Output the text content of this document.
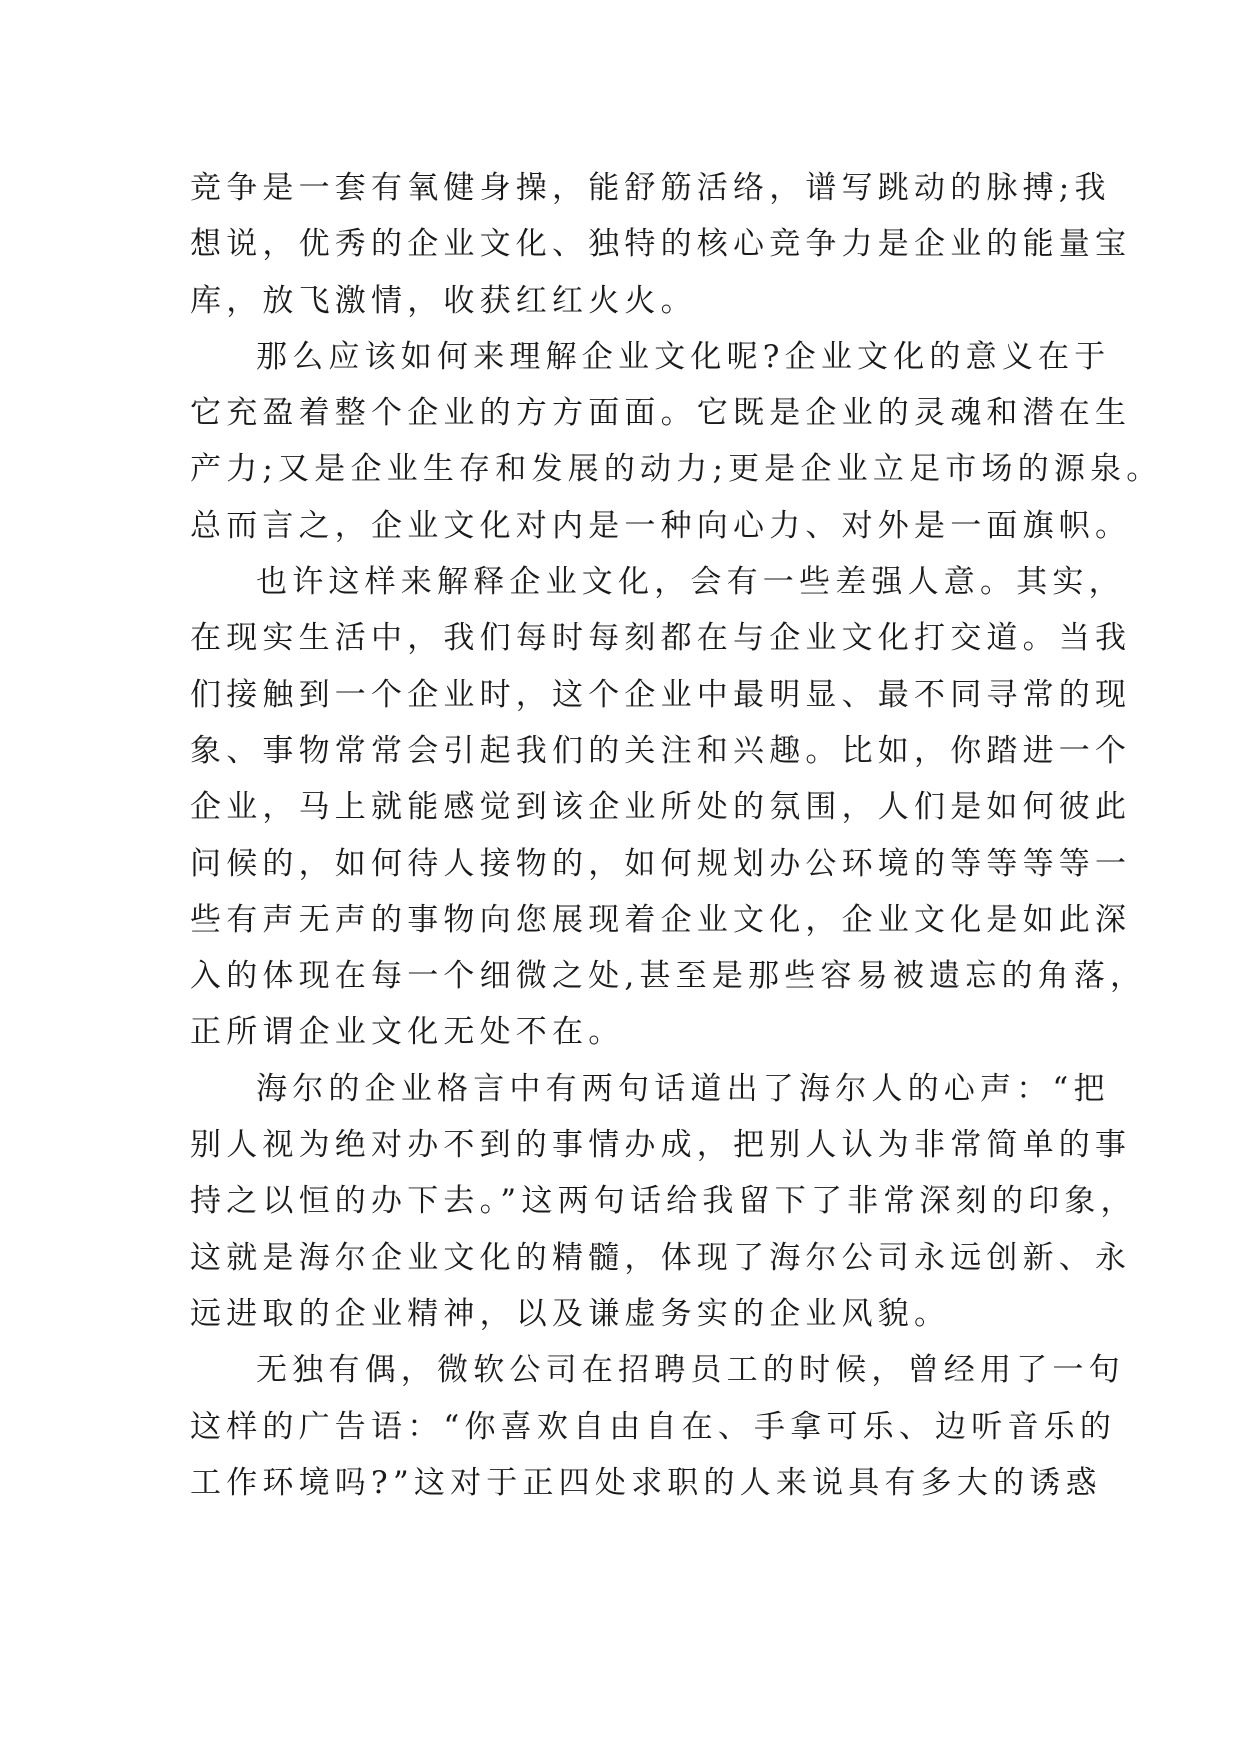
竞争是一套有氧健身操，能舒筋活络，谱写跳动的脉搏;我
想说，优秀的企业文化、独特的核心竞争力是企业的能量宝
库，放飞激情，收获红红火火。
那么应该如何来理解企业文化呢?企业文化的意义在于
它充盈着整个企业的方方面面。它既是企业的灵魂和潜在生
产力;又是企业生存和发展的动力;更是企业立足市场的源泉。
总而言之，企业文化对内是一种向心力、对外是一面旗帜。
也许这样来解释企业文化，会有一些差强人意。其实，
在现实生活中，我们每时每刻都在与企业文化打交道。当我
们接触到一个企业时，这个企业中最明显、最不同寻常的现
象、事物常常会引起我们的关注和兴趣。比如，你踏进一个
企业，马上就能感觉到该企业所处的氛围，人们是如何彼此
问候的，如何待人接物的，如何规划办公环境的等等等等一
些有声无声的事物向您展现着企业文化，企业文化是如此深
入的体现在每一个细微之处,甚至是那些容易被遗忘的角落，
正所谓企业文化无处不在。
海尔的企业格言中有两句话道出了海尔人的心声：“把
别人视为绝对办不到的事情办成，把别人认为非常简单的事
持之以恒的办下去。”这两句话给我留下了非常深刻的印象，
这就是海尔企业文化的精髓，体现了海尔公司永远创新、永
远进取的企业精神，以及谦虚务实的企业风貌。
无独有偶，微软公司在招聘员工的时候，曾经用了一句
这样的广告语：“你喜欢自由自在、手拿可乐、边听音乐的
工作环境吗?”这对于正四处求职的人来说具有多大的诱惑
